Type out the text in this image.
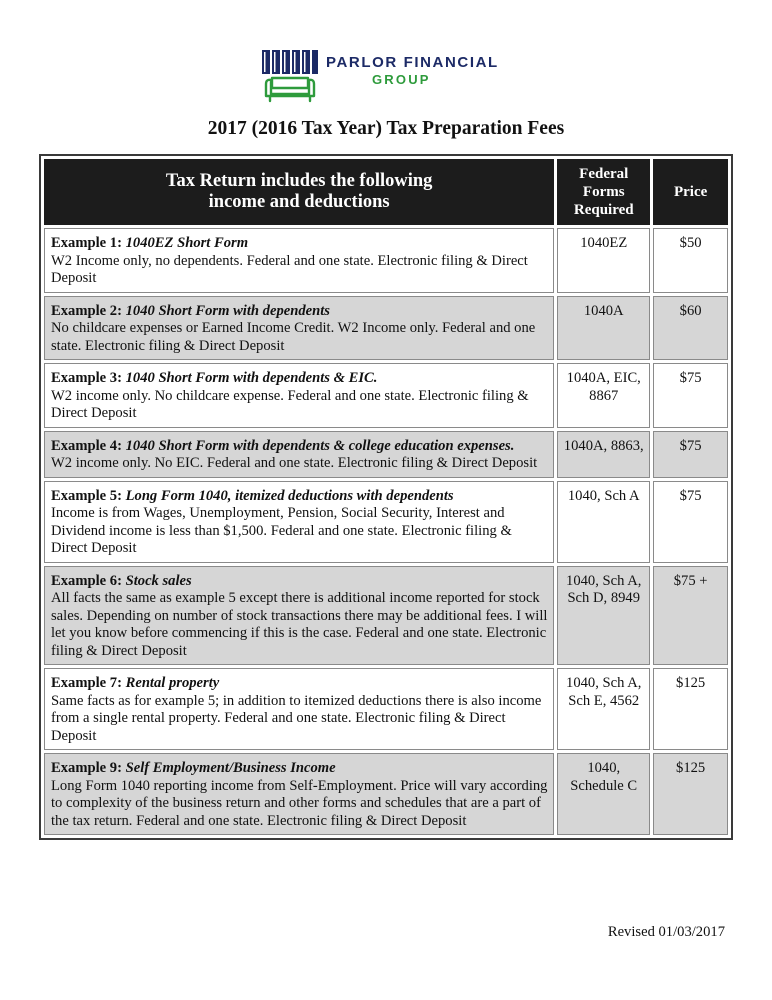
PARLOR FINANCIAL
GROUP
2017 (2016 Tax Year) Tax Preparation Fees
Tax Return includes the following income and deductions	Federal Forms Required	Price
Example 1: 1040EZ Short Form
W2 Income only, no dependents. Federal and one state. Electronic filing & Direct Deposit	1040EZ	$50
Example 2: 1040 Short Form with dependents
No childcare expenses or Earned Income Credit. W2 Income only. Federal and one state. Electronic filing & Direct Deposit	1040A	$60
Example 3: 1040 Short Form with dependents & EIC.
W2 income only. No childcare expense. Federal and one state. Electronic filing & Direct Deposit	1040A, EIC, 8867	$75
Example 4: 1040 Short Form with dependents & college education expenses.
W2 income only. No EIC. Federal and one state. Electronic filing & Direct Deposit	1040A, 8863,	$75
Example 5: Long Form 1040, itemized deductions with dependents
Income is from Wages, Unemployment, Pension, Social Security, Interest and Dividend income is less than $1,500. Federal and one state. Electronic filing & Direct Deposit	1040, Sch A	$75
Example 6: Stock sales
All facts the same as example 5 except there is additional income reported for stock sales. Depending on number of stock transactions there may be additional fees. I will let you know before commencing if this is the case. Federal and one state. Electronic filing & Direct Deposit	1040, Sch A, Sch D, 8949	$75 +
Example 7: Rental property
Same facts as for example 5; in addition to itemized deductions there is also income from a single rental property. Federal and one state. Electronic filing & Direct Deposit	1040, Sch A, Sch E, 4562	$125
Example 9: Self Employment/Business Income
Long Form 1040 reporting income from Self-Employment. Price will vary according to complexity of the business return and other forms and schedules that are a part of the tax return. Federal and one state. Electronic filing & Direct Deposit	1040, Schedule C	$125
Revised 01/03/2017
